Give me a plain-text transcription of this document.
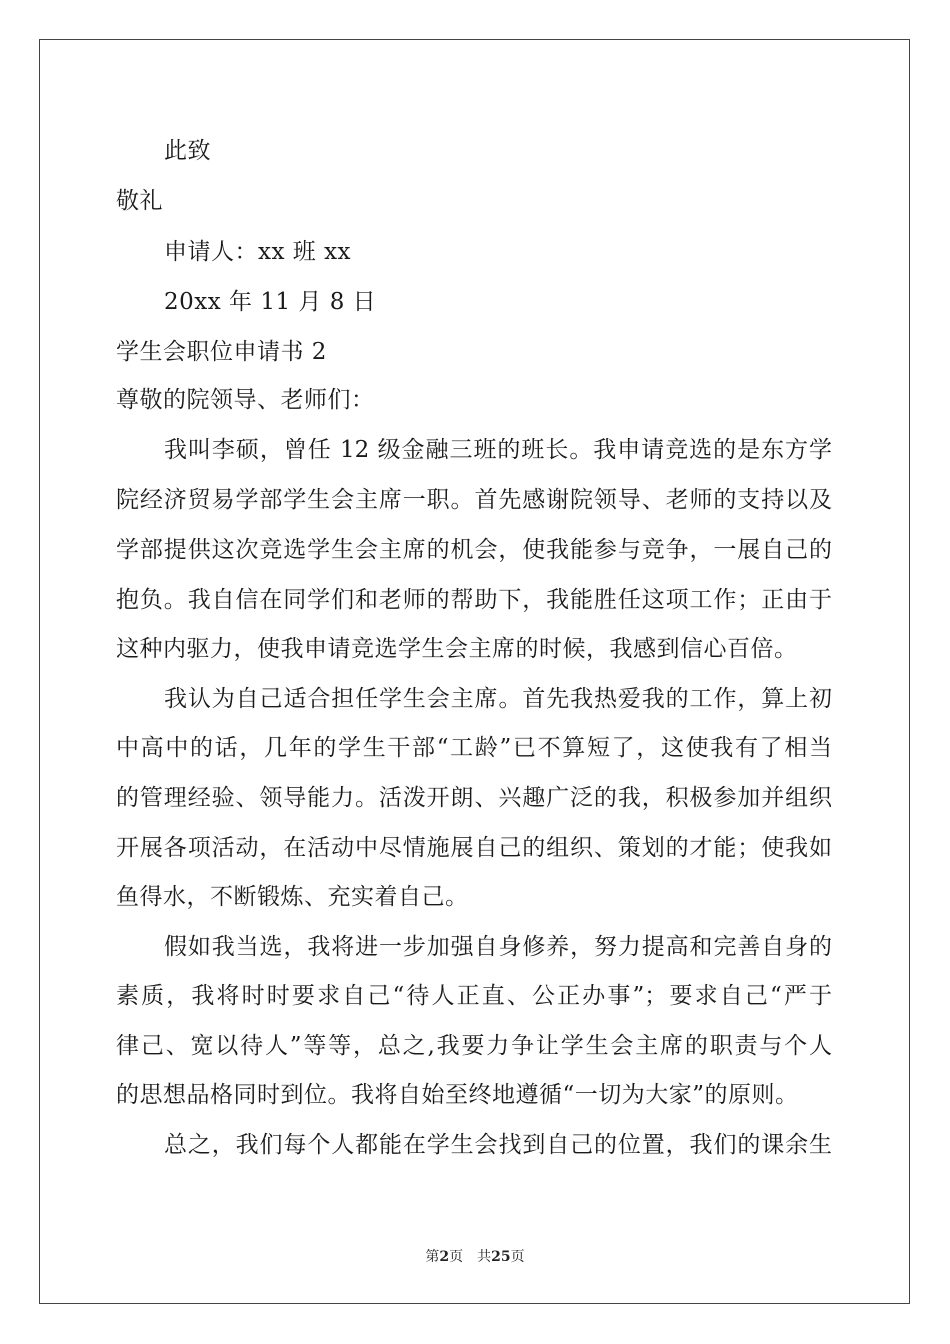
此致
敬礼
申请人：xx 班 xx
20xx 年 11 月 8 日
学生会职位申请书 2
尊敬的院领导、老师们：
我叫李硕，曾任 12 级金融三班的班长。我申请竞选的是东方学
院经济贸易学部学生会主席一职。首先感谢院领导、老师的支持以及
学部提供这次竞选学生会主席的机会，使我能参与竞争，一展自己的
抱负。我自信在同学们和老师的帮助下，我能胜任这项工作；正由于
这种内驱力，使我申请竞选学生会主席的时候，我感到信心百倍。
我认为自己适合担任学生会主席。首先我热爱我的工作，算上初
中高中的话，几年的学生干部“工龄”已不算短了，这使我有了相当
的管理经验、领导能力。活泼开朗、兴趣广泛的我，积极参加并组织
开展各项活动，在活动中尽情施展自己的组织、策划的才能；使我如
鱼得水，不断锻炼、充实着自己。
假如我当选，我将进一步加强自身修养，努力提高和完善自身的
素质，我将时时要求自己“待人正直、公正办事”；要求自己“严于
律己、宽以待人”等等，总之,我要力争让学生会主席的职责与个人
的思想品格同时到位。我将自始至终地遵循“一切为大家”的原则。
总之，我们每个人都能在学生会找到自己的位置，我们的课余生
第2页　共25页
